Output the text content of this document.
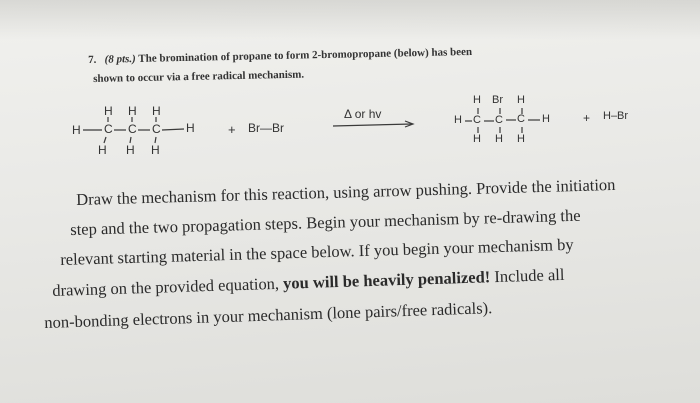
7. (8 pts.) The bromination of propane to form 2-bromopropane (below) has been
shown to occur via a free radical mechanism.
H H H
H C C C H
H H H
+ Br—Br
Δ or hv
H Br H
H C C C H
H H H
+ H–Br
Draw the mechanism for this reaction, using arrow pushing. Provide the initiation
step and the two propagation steps. Begin your mechanism by re-drawing the
relevant starting material in the space below. If you begin your mechanism by
drawing on the provided equation, you will be heavily penalized! Include all
non-bonding electrons in your mechanism (lone pairs/free radicals).
